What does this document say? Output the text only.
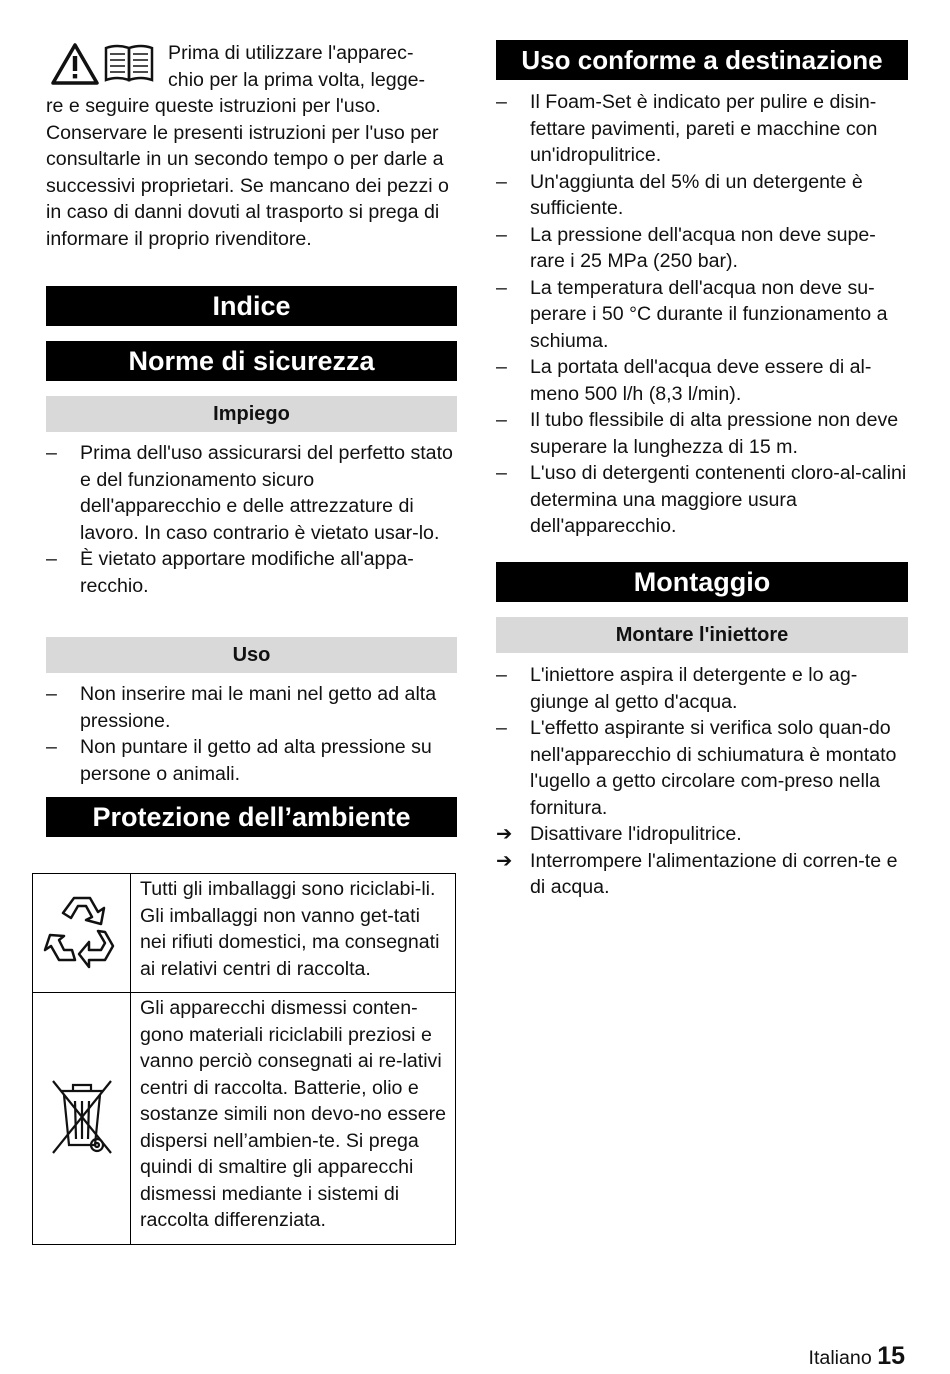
Prima di utilizzare l'apparec-
chio per la prima volta, legge-
re e seguire queste istruzioni per l'uso. Conservare le presenti istruzioni per l'uso per consultarle in un secondo tempo o per darle a successivi proprietari. Se mancano dei pezzi o in caso di danni dovuti al trasporto si prega di informare il proprio rivenditore.
Indice
Norme di sicurezza
Impiego
– Prima dell'uso assicurarsi del perfetto stato e del funzionamento sicuro dell'apparecchio e delle attrezzature di lavoro. In caso contrario è vietato usar-lo.
– È vietato apportare modifiche all'appa-recchio.
Uso
– Non inserire mai le mani nel getto ad alta pressione.
– Non puntare il getto ad alta pressione su persone o animali.
Protezione dell’ambiente
	Tutti gli imballaggi sono riciclabi-li. Gli imballaggi non vanno get-tati nei rifiuti domestici, ma consegnati ai relativi centri di raccolta.
	Gli apparecchi dismessi conten-gono materiali riciclabili preziosi e vanno perciò consegnati ai re-lativi centri di raccolta. Batterie, olio e sostanze simili non devo-no essere dispersi nell’ambien-te. Si prega quindi di smaltire gli apparecchi dismessi mediante i sistemi di raccolta differenziata.
Uso conforme a destinazione
– Il Foam-Set è indicato per pulire e disin-fettare pavimenti, pareti e macchine con un'idropulitrice.
– Un'aggiunta del 5% di un detergente è sufficiente.
– La pressione dell'acqua non deve supe-rare i 25 MPa (250 bar).
– La temperatura dell'acqua non deve su-perare i 50 °C durante il funzionamento a schiuma.
– La portata dell'acqua deve essere di al-meno 500 l/h (8,3 l/min).
– Il tubo flessibile di alta pressione non deve superare la lunghezza di 15 m.
– L'uso di detergenti contenenti cloro-al-calini determina una maggiore usura dell'apparecchio.
Montaggio
Montare l'iniettore
– L'iniettore aspira il detergente e lo ag-giunge al getto d'acqua.
– L'effetto aspirante si verifica solo quan-do nell'apparecchio di schiumatura è montato l'ugello a getto circolare com-preso nella fornitura.
➔ Disattivare l'idropulitrice.
➔ Interrompere l'alimentazione di corren-te e di acqua.
Italiano 15
